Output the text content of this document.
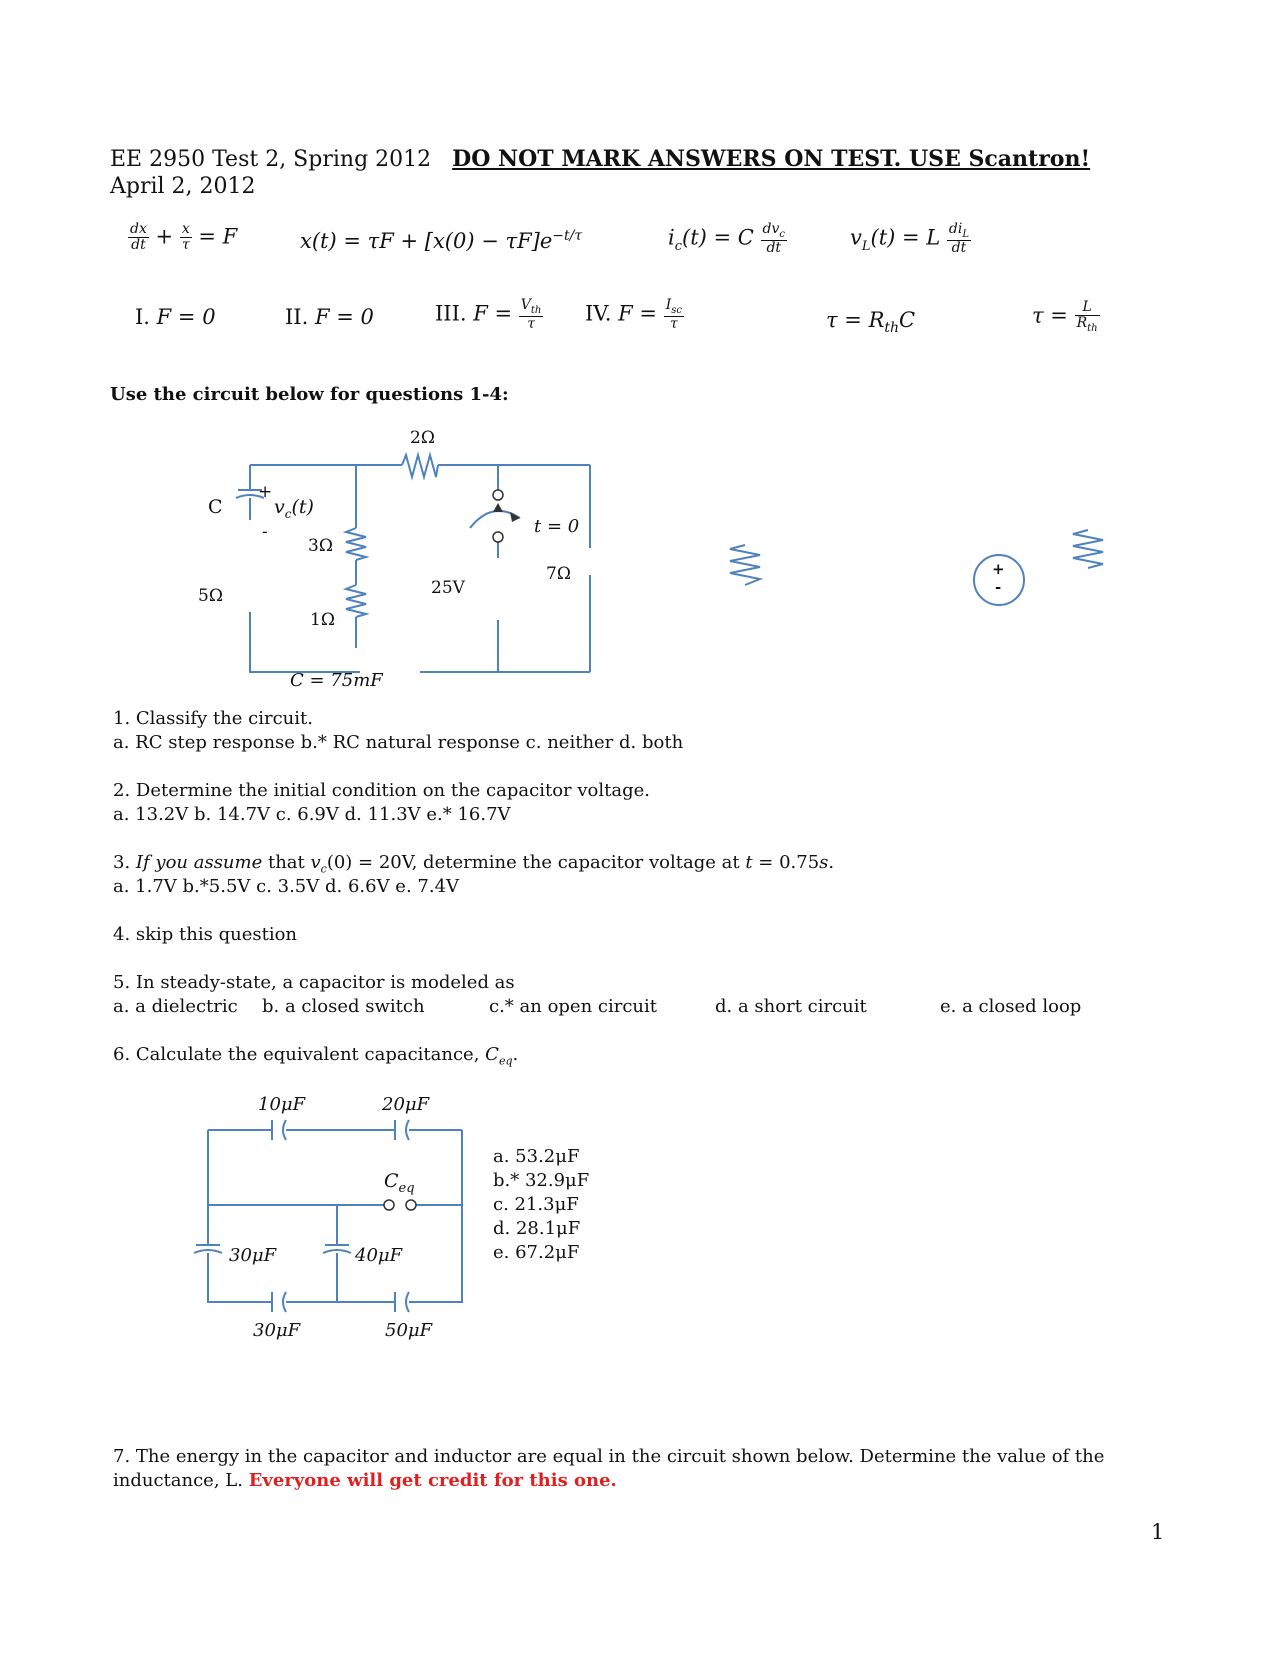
EE 2950 Test 2, Spring 2012 DO NOT MARK ANSWERS ON TEST. USE Scantron!
April 2, 2012
$\frac{dx}{dt} + \frac{x}{\tau} = F$	$x(t) = \tau F + [x(0) - \tau F]e^{-t/\tau}$	$i_c(t) = C \frac{dv_c}{dt}$	$v_L(t) = L \frac{di_L}{dt}$
I. F = 0	II. F = 0	III. $F = \frac{V_{th}}{\tau}$ IV. $F = \frac{I_{sc}}{\tau}$	$\tau = R_{th}C$	$\tau = \frac{L}{R_{th}}$
Use the circuit below for questions 1-4:
2Ω
C
+
-
$v_c(t)$
3Ω
5Ω
1Ω
t = 0
7Ω
25V
C = 75mF
+
-
1. Classify the circuit.
a. RC step response b.* RC natural response c. neither d. both
2. Determine the initial condition on the capacitor voltage.
a. 13.2V b. 14.7V c. 6.9V d. 11.3V e.* 16.7V
3. If you assume that $v_c(0) = 20V$, determine the capacitor voltage at t = 0.75s.
a. 1.7V b.*5.5V c. 3.5V d. 6.6V e. 7.4V
4. skip this question
5. In steady-state, a capacitor is modeled as
a. a dielectric b. a closed switch	c.* an open circuit	d. a short circuit	e. a closed loop
6. Calculate the equivalent capacitance, $C_{eq}$.
10μF	20μF
$C_{eq}$
30μF	40μF
30μF	50μF
a. 53.2μF
b.* 32.9μF
c. 21.3μF
d. 28.1μF
e. 67.2μF
7. The energy in the capacitor and inductor are equal in the circuit shown below. Determine the value of the
inductance, L. Everyone will get credit for this one.
1
